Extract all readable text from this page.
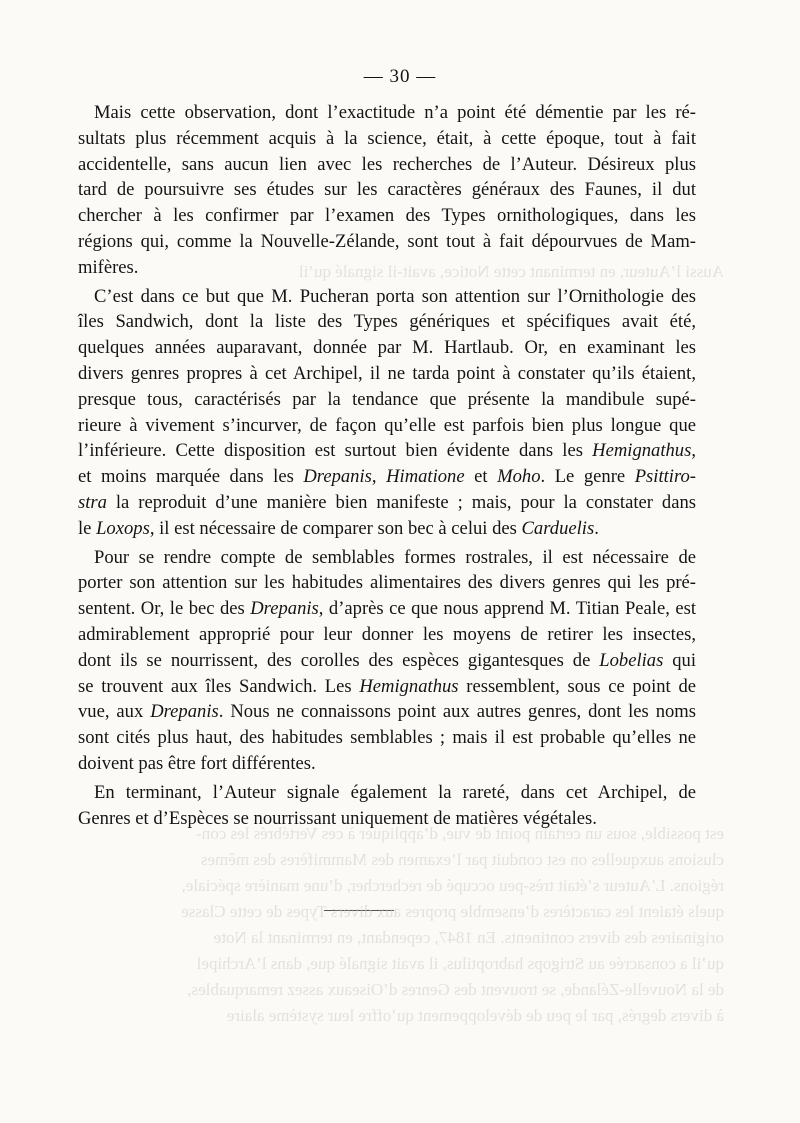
— 30 —
Mais cette observation, dont l’exactitude n’a point été démentie par les ré-
sultats plus récemment acquis à la science, était, à cette époque, tout à fait
accidentelle, sans aucun lien avec les recherches de l’Auteur. Désireux plus
tard de poursuivre ses études sur les caractères généraux des Faunes, il dut
chercher à les confirmer par l’examen des Types ornithologiques, dans les
régions qui, comme la Nouvelle-Zélande, sont tout à fait dépourvues de Mam-
mifères.
C’est dans ce but que M. Pucheran porta son attention sur l’Ornithologie des
îles Sandwich, dont la liste des Types génériques et spécifiques avait été,
quelques années auparavant, donnée par M. Hartlaub. Or, en examinant les
divers genres propres à cet Archipel, il ne tarda point à constater qu’ils étaient,
presque tous, caractérisés par la tendance que présente la mandibule supé-
rieure à vivement s’incurver, de façon qu’elle est parfois bien plus longue que
l’inférieure. Cette disposition est surtout bien évidente dans les Hemignathus,
et moins marquée dans les Drepanis, Himatione et Moho. Le genre Psittiro-
stra la reproduit d’une manière bien manifeste ; mais, pour la constater dans
le Loxops, il est nécessaire de comparer son bec à celui des Carduelis.
Pour se rendre compte de semblables formes rostrales, il est nécessaire de
porter son attention sur les habitudes alimentaires des divers genres qui les pré-
sentent. Or, le bec des Drepanis, d’après ce que nous apprend M. Titian Peale, est
admirablement approprié pour leur donner les moyens de retirer les insectes,
dont ils se nourrissent, des corolles des espèces gigantesques de Lobelias qui
se trouvent aux îles Sandwich. Les Hemignathus ressemblent, sous ce point de
vue, aux Drepanis. Nous ne connaissons point aux autres genres, dont les noms
sont cités plus haut, des habitudes semblables ; mais il est probable qu’elles ne
doivent pas être fort différentes.
En terminant, l’Auteur signale également la rareté, dans cet Archipel, de
Genres et d’Espèces se nourrissant uniquement de matières végétales.
Aussi l’Auteur, en terminant cette Notice, avait-il signalé qu’il
est possible, sous un certain point de vue, d’appliquer à ces Vertébrés les con-
clusions auxquelles on est conduit par l’examen des Mammifères des mêmes
régions. L’Auteur s’était très-peu occupé de rechercher, d’une manière spéciale,
quels étaient les caractères d’ensemble propres aux divers Types de cette Classe
originaires des divers continents. En 1847, cependant, en terminant la Note
qu’il a consacrée au Strigops habroptilus, il avait signalé que, dans l’Archipel
de la Nouvelle-Zélande, se trouvent des Genres d’Oiseaux assez remarquables,
à divers degrés, par le peu de développement qu’offre leur système alaire
